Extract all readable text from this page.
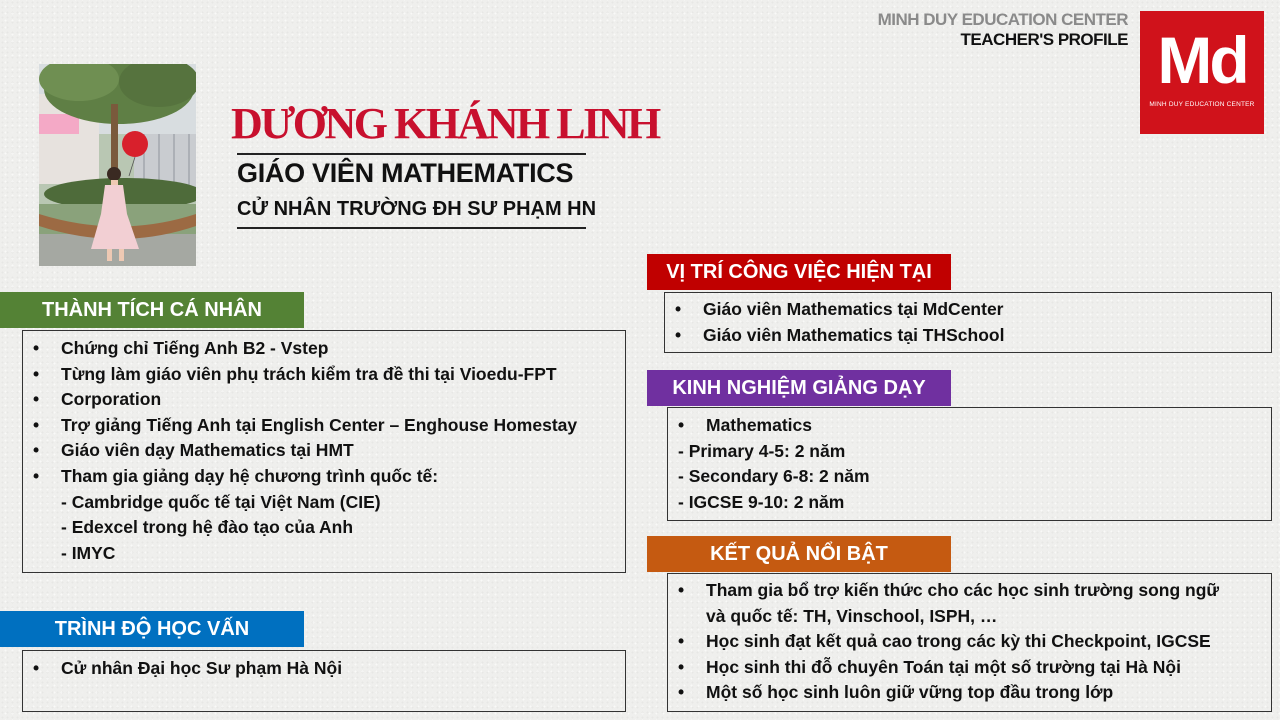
MINH DUY EDUCATION CENTER
TEACHER'S PROFILE Md
MINH DUY EDUCATION CENTER
DƯƠNG KHÁNH LINH
GIÁO VIÊN MATHEMATICS
CỬ NHÂN TRƯỜNG ĐH SƯ PHẠM HN
THÀNH TÍCH CÁ NHÂN
• Chứng chỉ Tiếng Anh B2 - Vstep
• Từng làm giáo viên phụ trách kiểm tra đề thi tại Vioedu-FPT
• Corporation
• Trợ giảng Tiếng Anh tại English Center – Enghouse Homestay
• Giáo viên dạy Mathematics tại HMT
• Tham gia giảng dạy hệ chương trình quốc tế:
- Cambridge quốc tế tại Việt Nam (CIE)
- Edexcel trong hệ đào tạo của Anh
- IMYC
TRÌNH ĐỘ HỌC VẤN
• Cử nhân Đại học Sư phạm Hà Nội
VỊ TRÍ CÔNG VIỆC HIỆN TẠI
• Giáo viên Mathematics tại MdCenter
• Giáo viên Mathematics tại THSchool
KINH NGHIỆM GIẢNG DẠY
• Mathematics
- Primary 4-5: 2 năm
- Secondary 6-8: 2 năm
- IGCSE 9-10: 2 năm
KẾT QUẢ NỔI BẬT
• Tham gia bổ trợ kiến thức cho các học sinh trường song ngữ
và quốc tế: TH, Vinschool, ISPH, …
• Học sinh đạt kết quả cao trong các kỳ thi Checkpoint, IGCSE
• Học sinh thi đỗ chuyên Toán tại một số trường tại Hà Nội
• Một số học sinh luôn giữ vững top đầu trong lớp
